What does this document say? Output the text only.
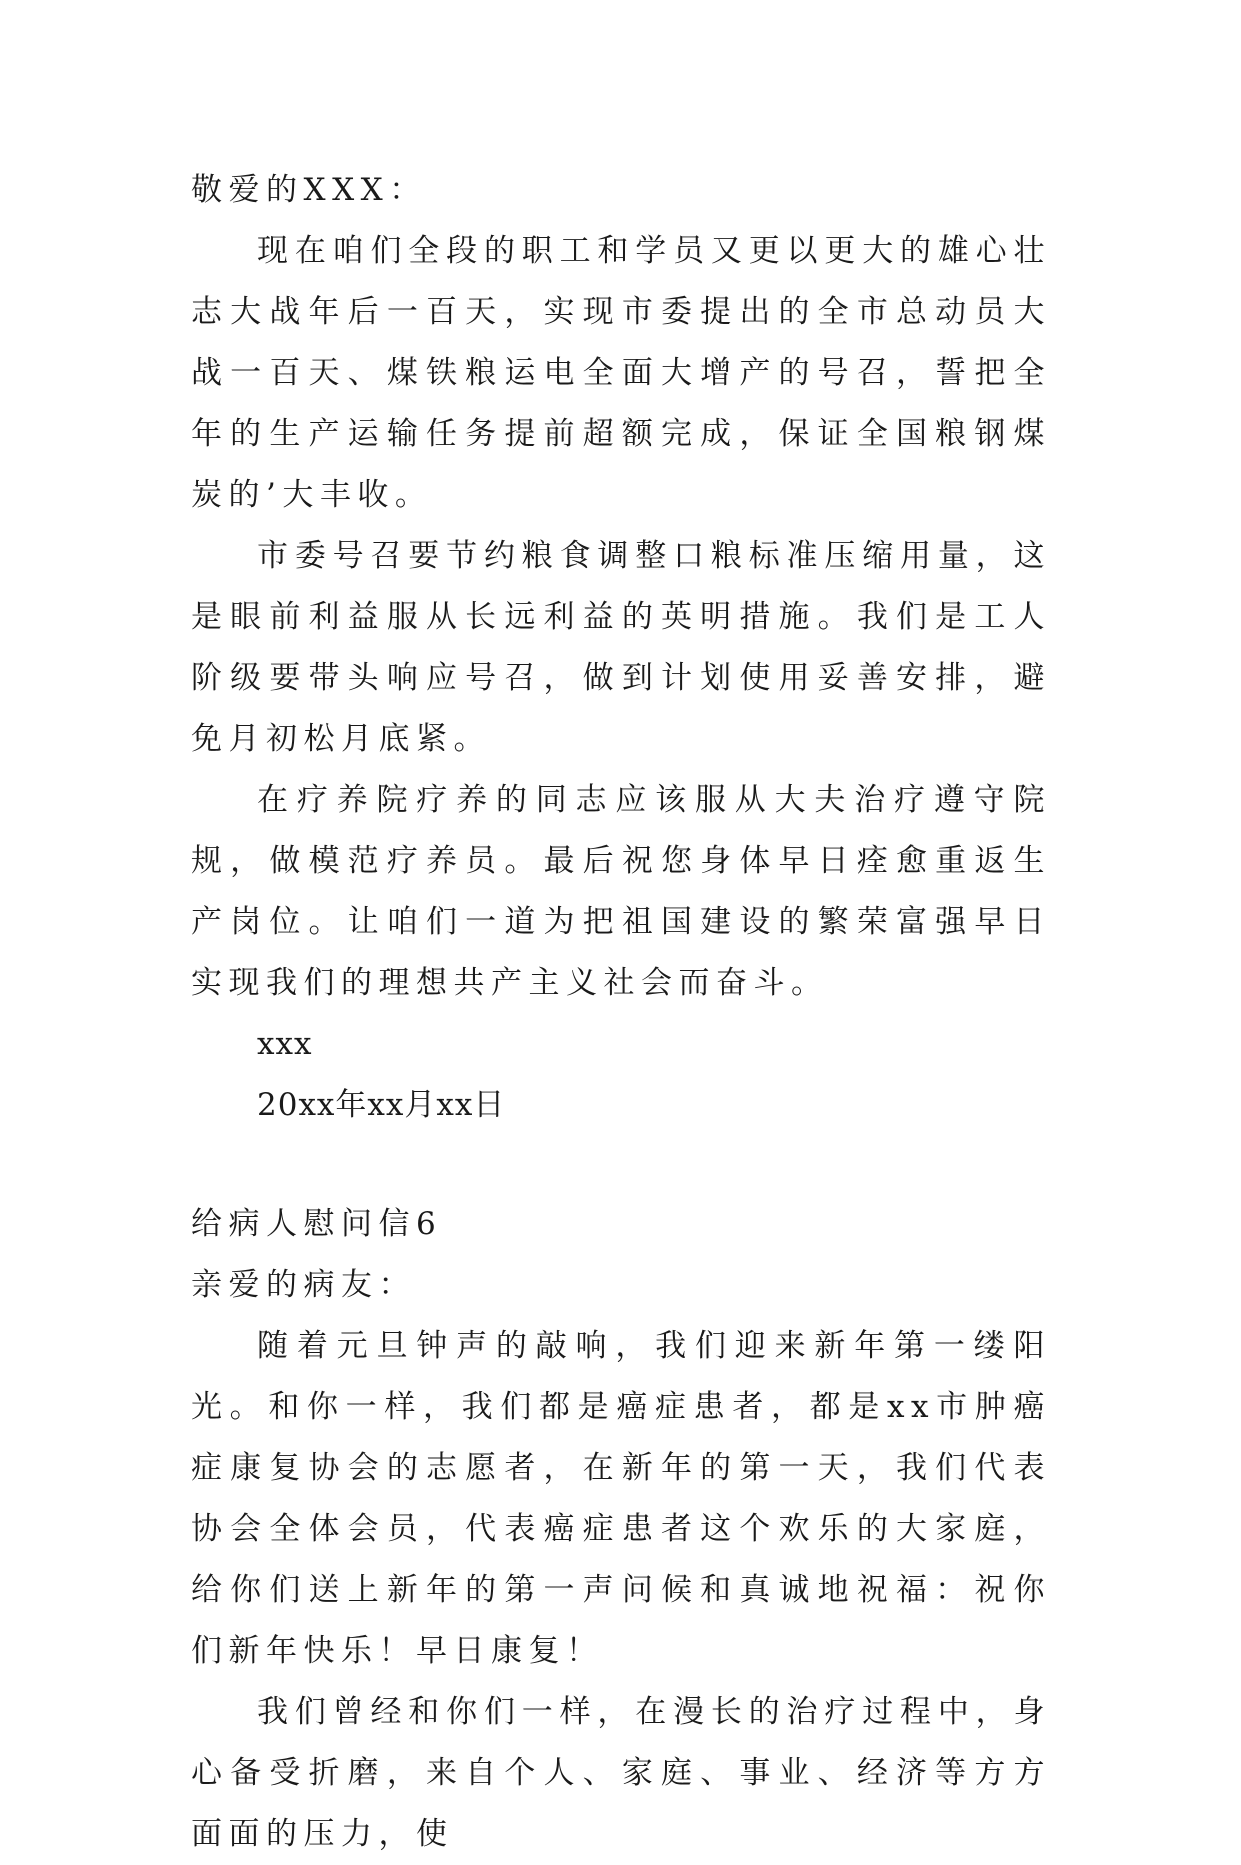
敬爱的XXX：

现在咱们全段的职工和学员又更以更大的雄心壮志大战年后一百天，实现市委提出的全市总动员大战一百天、煤铁粮运电全面大增产的号召，誓把全年的生产运输任务提前超额完成，保证全国粮钢煤炭的’大丰收。

市委号召要节约粮食调整口粮标准压缩用量，这是眼前利益服从长远利益的英明措施。我们是工人阶级要带头响应号召，做到计划使用妥善安排，避免月初松月底紧。

在疗养院疗养的同志应该服从大夫治疗遵守院规，做模范疗养员。最后祝您身体早日痊愈重返生产岗位。让咱们一道为把祖国建设的繁荣富强早日实现我们的理想共产主义社会而奋斗。

xxx
20xx年xx月xx日
给病人慰问信6
亲爱的病友：

随着元旦钟声的敲响，我们迎来新年第一缕阳光。和你一样，我们都是癌症患者，都是xx市肿癌症康复协会的志愿者，在新年的第一天，我们代表协会全体会员，代表癌症患者这个欢乐的大家庭，给你们送上新年的第一声问候和真诚地祝福：祝你们新年快乐！早日康复！

我们曾经和你们一样，在漫长的治疗过程中，身心备受折磨，来自个人、家庭、事业、经济等方方面面的压力，使
